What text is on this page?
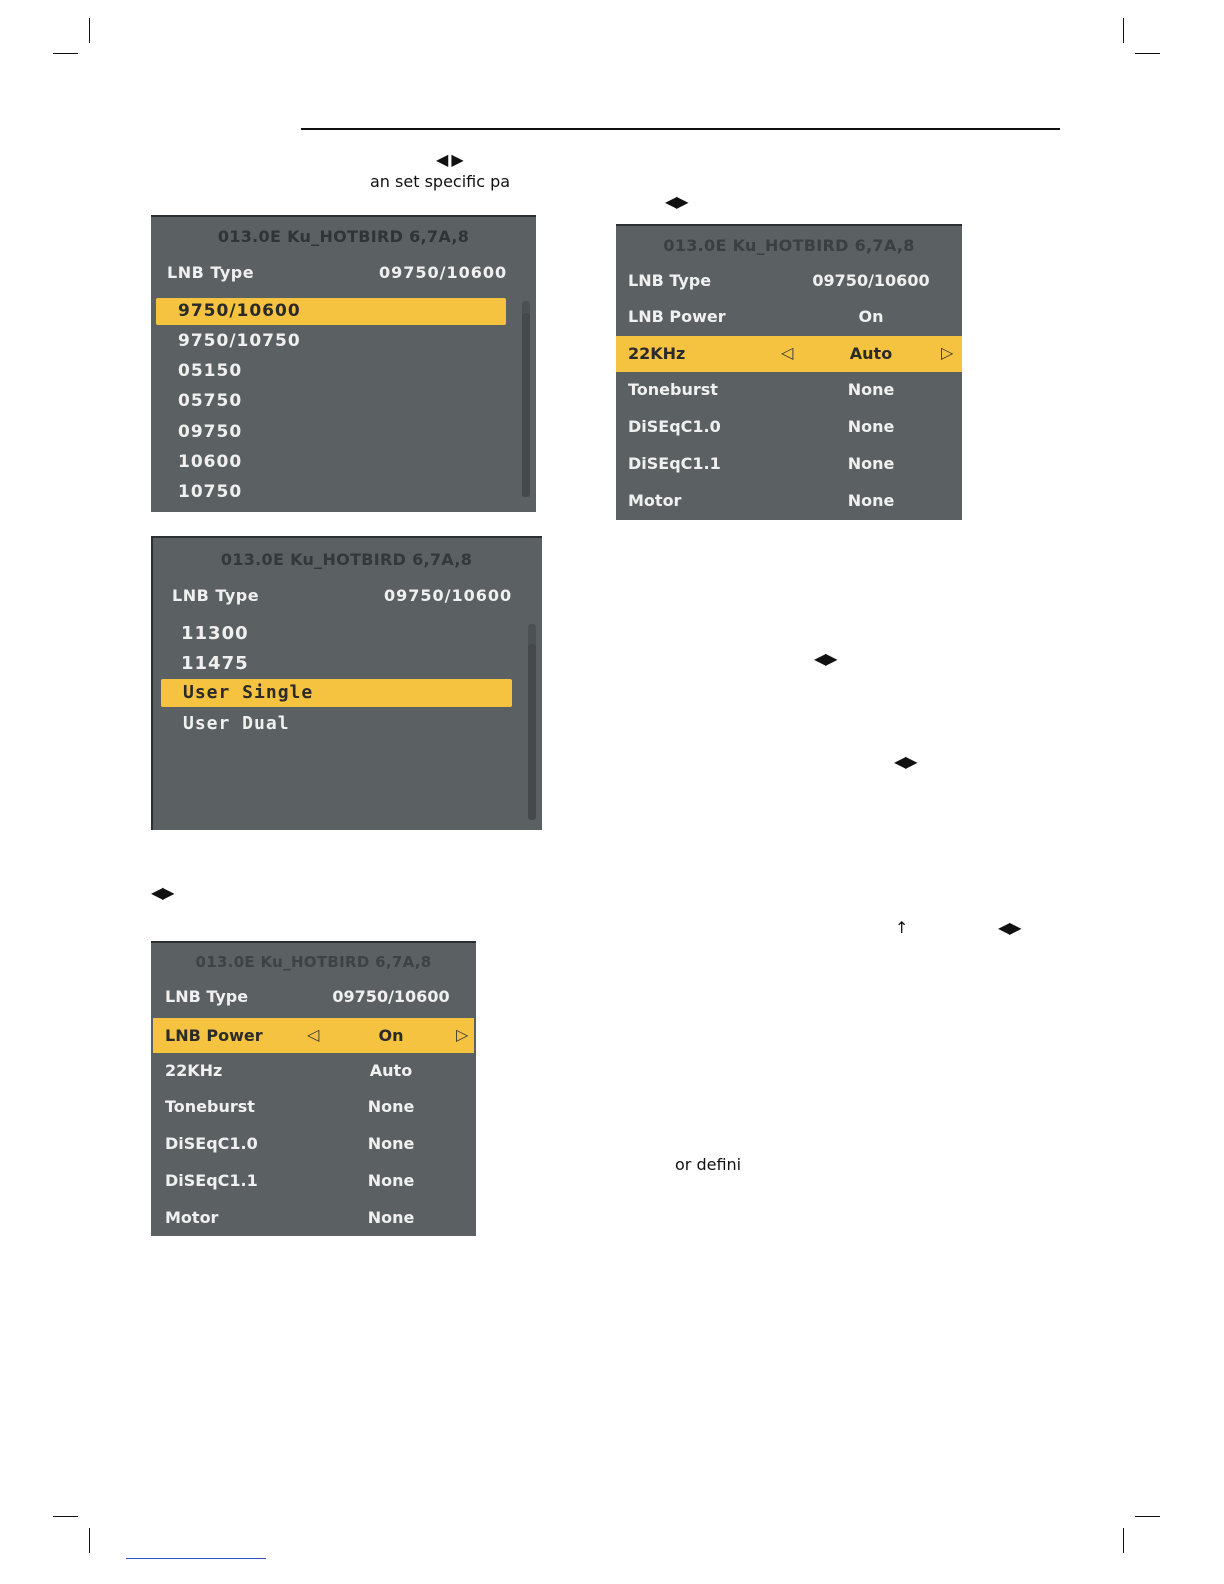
◀ ▶
an set specific pa
◀▶
◀▶
◀▶
◀▶
↑	◀▶
or defini
013.0E Ku_HOTBIRD 6,7A,8
LNB Type	09750/10600
9750/10600
9750/10750
05150
05750
09750
10600
10750
013.0E Ku_HOTBIRD 6,7A,8
LNB Type	09750/10600
11300
11475
User Single
User Dual
013.0E Ku_HOTBIRD 6,7A,8
LNB Type	09750/10600
LNB Power	◁	On	▷
22KHz	Auto
Toneburst	None
DiSEqC1.0	None
DiSEqC1.1	None
Motor	None
013.0E Ku_HOTBIRD 6,7A,8
LNB Type	09750/10600
LNB Power	On
22KHz	◁	Auto	▷
Toneburst	None
DiSEqC1.0	None
DiSEqC1.1	None
Motor	None
